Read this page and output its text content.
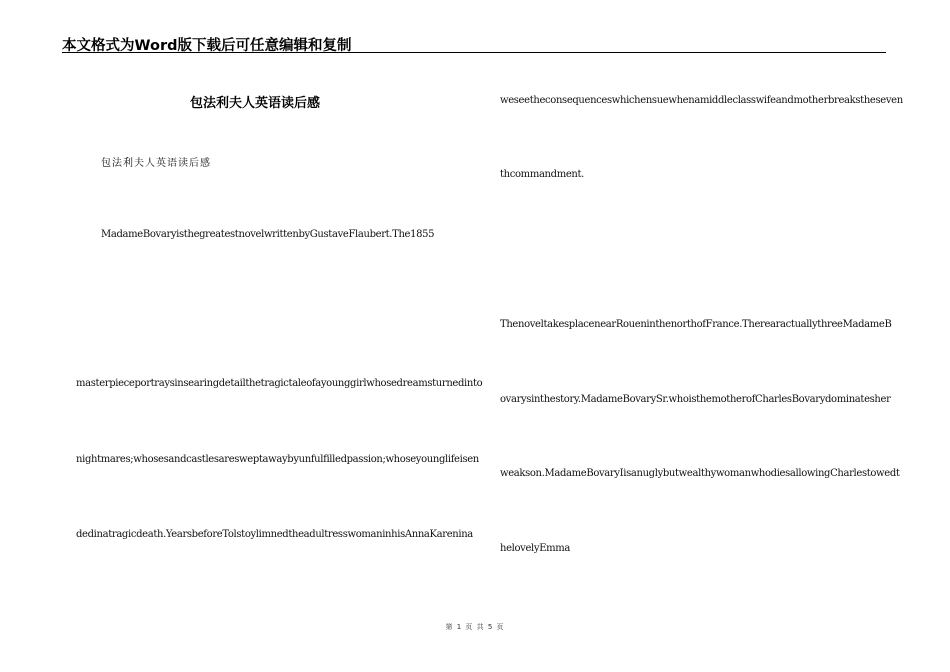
本文格式为Word版下载后可任意编辑和复制
包法利夫人英语读后感
包法利夫人英语读后感
MadameBovaryisthegreatestnovelwrittenbyGustaveFlaubert.The1855
masterpieceportraysinsearingdetailthetragictaleofayounggirlwhosedreamsturnedinto
nightmares;whosesandcastlesaresweptawaybyunfulfilledpassion;whoseyounglifeisen
dedinatragicdeath.YearsbeforeTolstoylimnedtheadultresswomaninhisAnnaKarenina
weseetheconsequenceswhichensuewhenamiddleclasswifeandmotherbreakstheseven
thcommandment.
ThenoveltakesplacenearRoueninthenorthofFrance.TherearactuallythreeMadameB
ovarysinthestory.MadameBovarySr.whoisthemotherofCharlesBovarydominatesher
weakson.MadameBovaryIisanuglybutwealthywomanwhodiesallowingCharlestowedt
helovelyEmma
第 1 页 共 5 页
